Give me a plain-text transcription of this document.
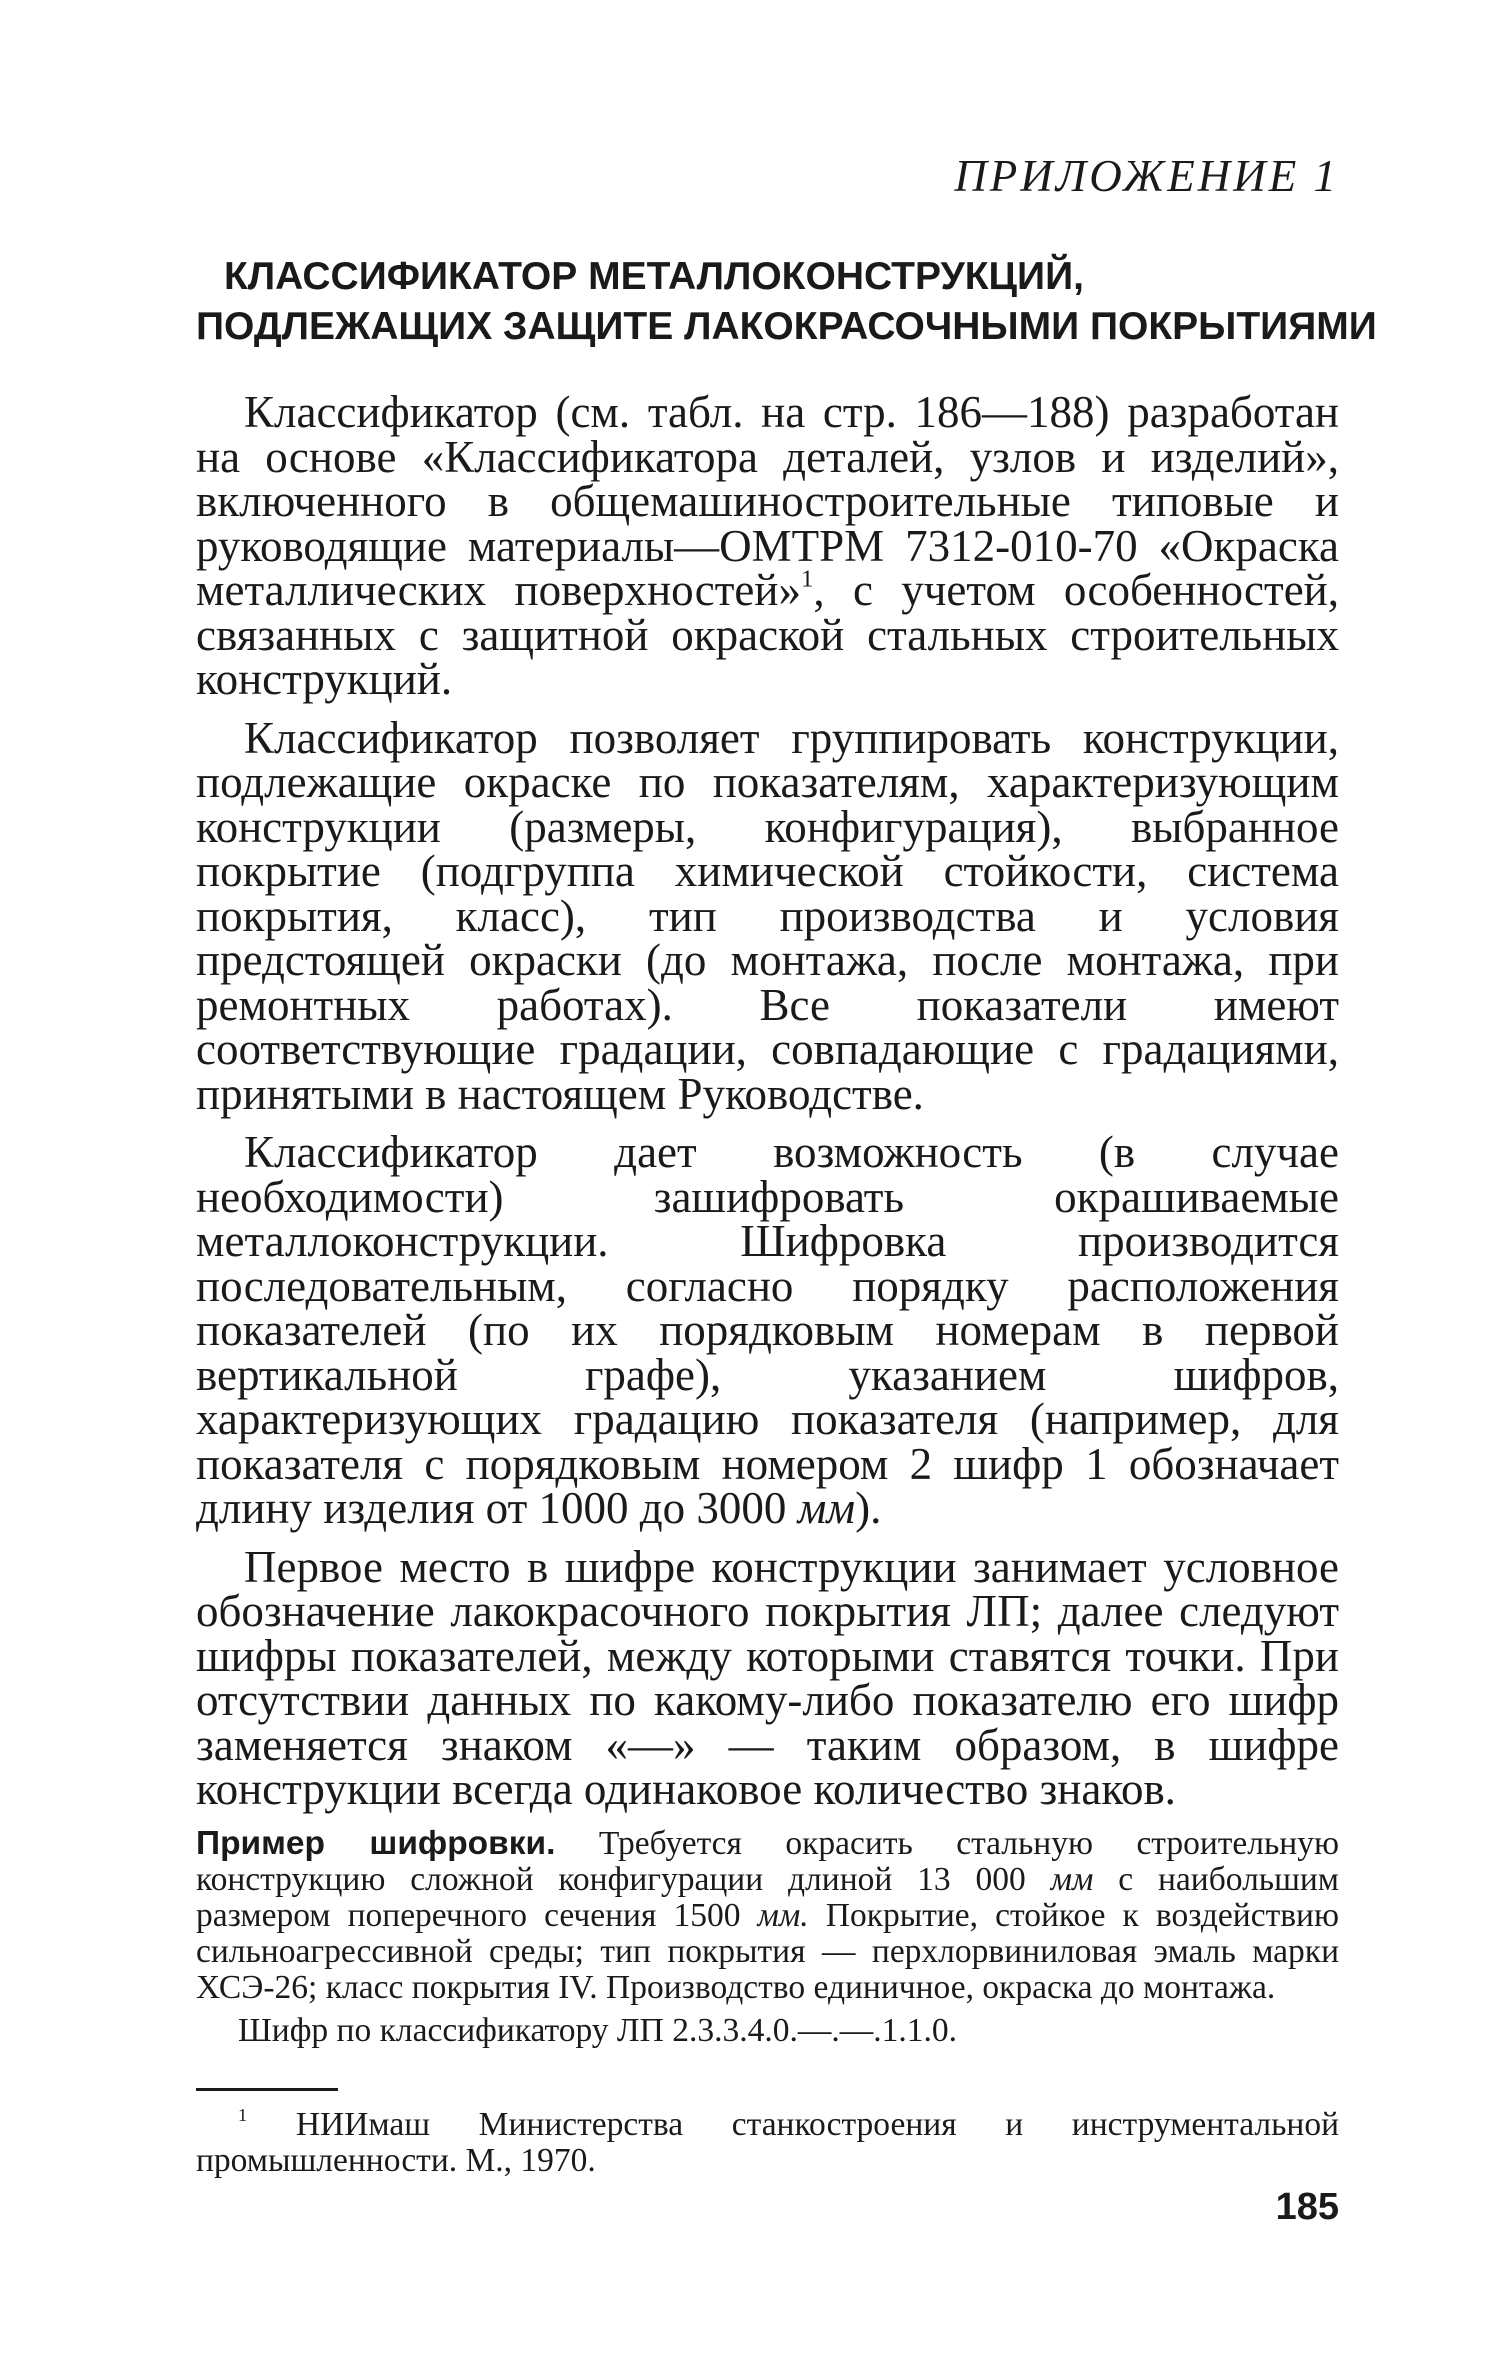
ПРИЛОЖЕНИЕ 1
КЛАССИФИКАТОР МЕТАЛЛОКОНСТРУКЦИЙ,
ПОДЛЕЖАЩИХ ЗАЩИТЕ ЛАКОКРАСОЧНЫМИ ПОКРЫТИЯМИ

Классификатор (см. табл. на стр. 186—188) разработан на основе «Классификатора деталей, узлов и изделий», включенного в общемашиностроительные типовые и руководящие материалы—ОМТРМ 7312-010-70 «Окраска металлических поверхностей»$^1$, с учетом особенностей, связанных с защитной окраской стальных строительных конструкций.

Классификатор позволяет группировать конструкции, подлежащие окраске по показателям, характеризующим конструкции (размеры, конфигурация), выбранное покрытие (подгруппа химической стойкости, система покрытия, класс), тип производства и условия предстоящей окраски (до монтажа, после монтажа, при ремонтных работах). Все показатели имеют соответствующие градации, совпадающие с градациями, принятыми в настоящем Руководстве.

Классификатор дает возможность (в случае необходимости) зашифровать окрашиваемые металлоконструкции. Шифровка производится последовательным, согласно порядку расположения показателей (по их порядковым номерам в первой вертикальной графе), указанием шифров, характеризующих градацию показателя (например, для показателя с порядковым номером 2 шифр 1 обозначает длину изделия от 1000 до 3000 мм).

Первое место в шифре конструкции занимает условное обозначение лакокрасочного покрытия ЛП; далее следуют шифры показателей, между которыми ставятся точки. При отсутствии данных по какому-либо показателю его шифр заменяется знаком «—» — таким образом, в шифре конструкции всегда одинаковое количество знаков.

Пример шифровки. Требуется окрасить стальную строительную конструкцию сложной конфигурации длиной 13 000 мм с наибольшим размером поперечного сечения 1500 мм. Покрытие, стойкое к воздействию сильноагрессивной среды; тип покрытия — перхлорвиниловая эмаль марки ХСЭ-26; класс покрытия IV. Производство единичное, окраска до монтажа.

Шифр по классификатору ЛП 2.3.3.4.0.—.—.1.1.0.

$^1$ НИИмаш Министерства станкостроения и инструментальной промышленности. М., 1970.

185
